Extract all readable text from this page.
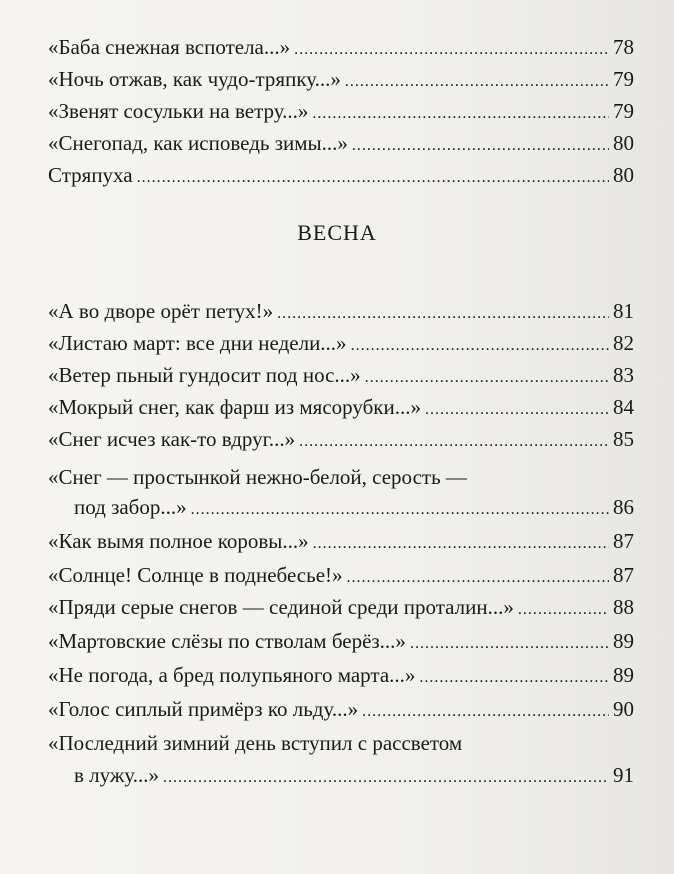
«Баба снежная вспотела...» .....	78
«Ночь отжав, как чудо-тряпку...» .....	79
«Звенят сосульки на ветру...» .....	79
«Снегопад, как исповедь зимы...» .....	80
Стряпуха .....	80
«А во дворе орёт петух!» .....	81
«Листаю март: все дни недели...» .....	82
«Ветер пьный гундосит под нос...» .....	83
«Мокрый снег, как фарш из мясорубки...» .....	84
«Снег исчез как-то вдруг...» .....	85
«Снег — простынкой нежно-белой, серость —
под забор...» .....	86
«Как вымя полное коровы...» .....	87
«Солнце! Солнце в поднебесье!» .....	87
«Пряди серые снегов — сединой среди проталин...» .....	88
«Мартовские слёзы по стволам берёз...» .....	89
«Не погода, а бред полупьяного марта...» .....	89
«Голос сиплый примёрз ко льду...» .....	90
«Последний зимний день вступил с рассветом
в лужу...» .....	91
ВЕСНА
